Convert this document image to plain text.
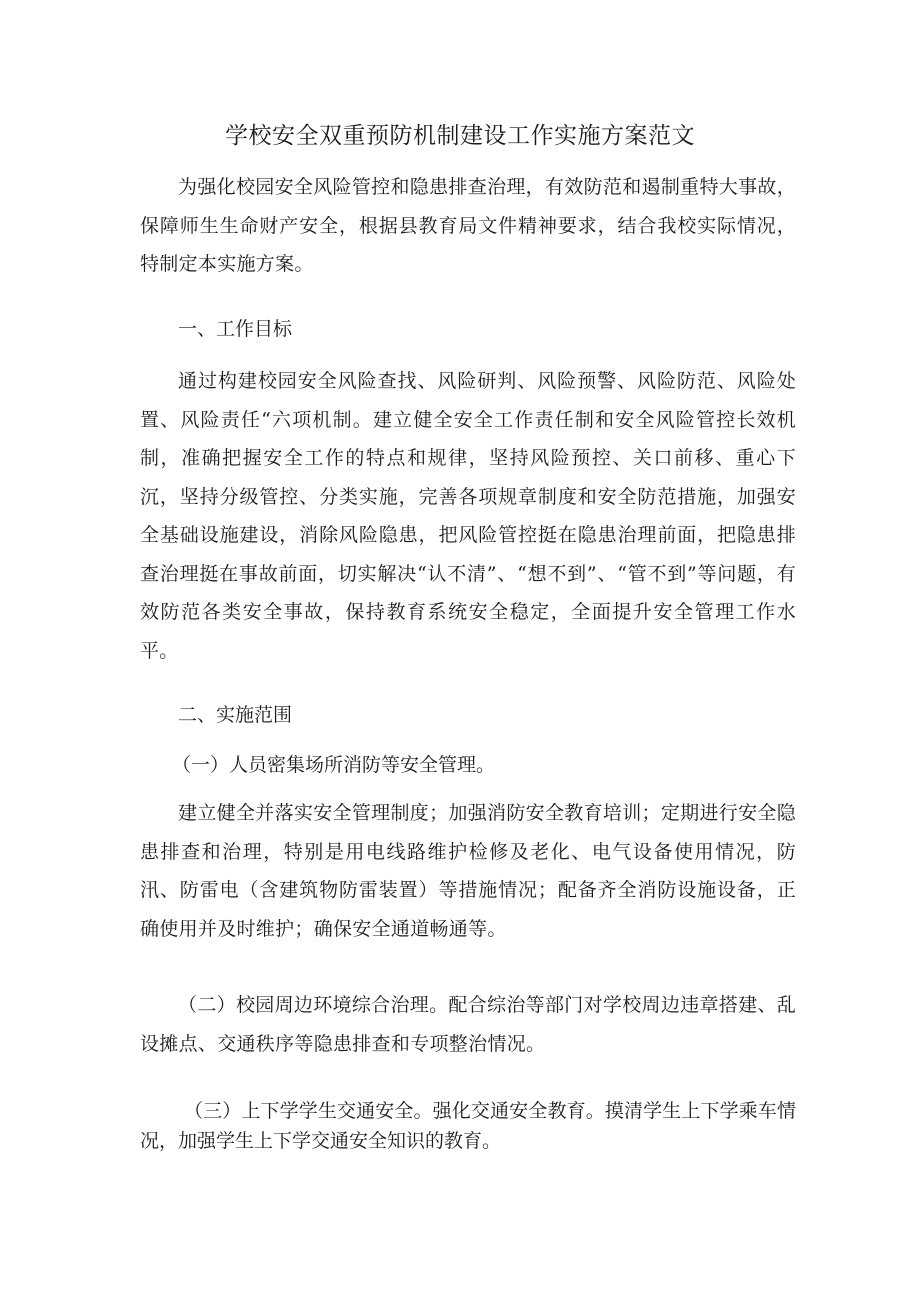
学校安全双重预防机制建设工作实施方案范文

为强化校园安全风险管控和隐患排查治理，有效防范和遏制重特大事故，保障师生生命财产安全，根据县教育局文件精神要求，结合我校实际情况，特制定本实施方案。

一、工作目标

通过构建校园安全风险查找、风险研判、风险预警、风险防范、风险处置、风险责任“六项机制。建立健全安全工作责任制和安全风险管控长效机制，准确把握安全工作的特点和规律，坚持风险预控、关口前移、重心下沉，坚持分级管控、分类实施，完善各项规章制度和安全防范措施，加强安全基础设施建设，消除风险隐患，把风险管控挺在隐患治理前面，把隐患排查治理挺在事故前面，切实解决“认不清”、“想不到”、“管不到”等问题，有效防范各类安全事故，保持教育系统安全稳定，全面提升安全管理工作水平。

二、实施范围

（一）人员密集场所消防等安全管理。

建立健全并落实安全管理制度；加强消防安全教育培训；定期进行安全隐患排查和治理，特别是用电线路维护检修及老化、电气设备使用情况，防汛、防雷电（含建筑物防雷装置）等措施情况；配备齐全消防设施设备，正确使用并及时维护；确保安全通道畅通等。

（二）校园周边环境综合治理。配合综治等部门对学校周边违章搭建、乱设摊点、交通秩序等隐患排查和专项整治情况。

（三）上下学学生交通安全。强化交通安全教育。摸清学生上下学乘车情况，加强学生上下学交通安全知识的教育。
